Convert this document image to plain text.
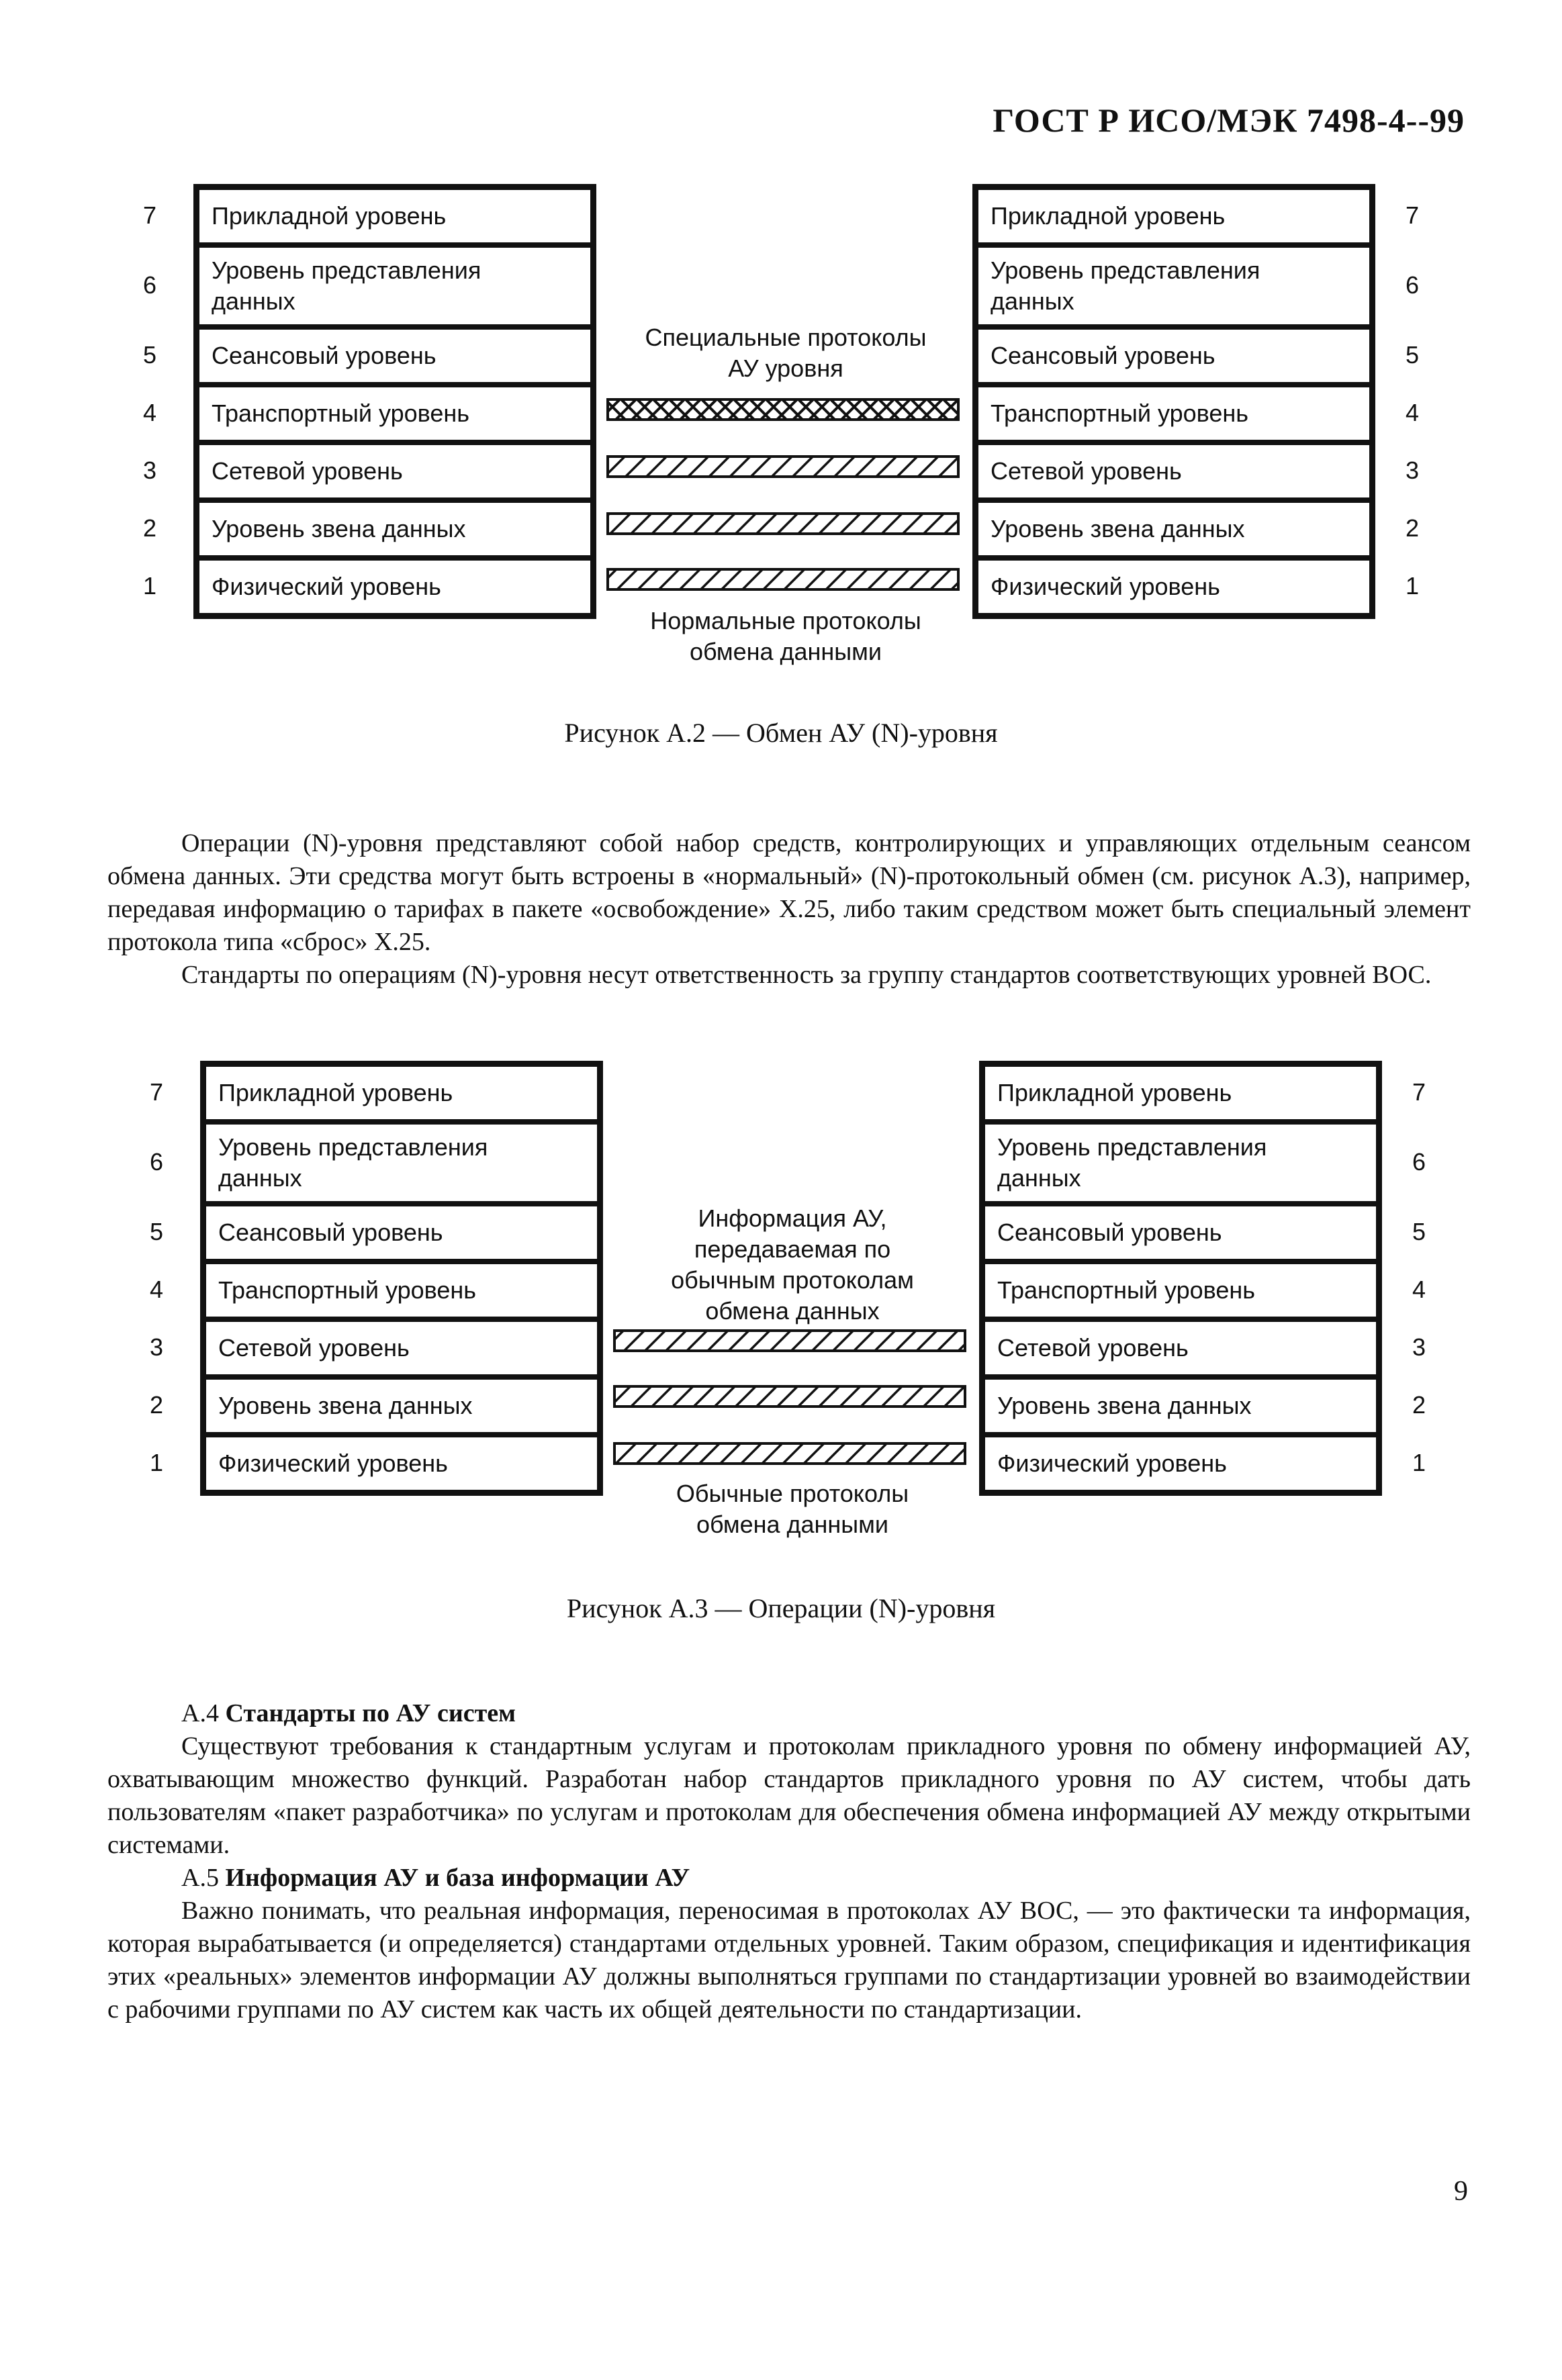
ГОСТ Р ИСО/МЭК 7498-4--99
Прикладной уровень
7
Уровень представления данных
6
Сеансовый уровень
5
Транспортный уровень
4
Сетевой уровень
3
Уровень звена данных
2
Физический уровень
1
Прикладной уровень	7
Уровень представления данных
6
Сеансовый уровень	5
Транспортный уровень	4
Сетевой уровень	3
Уровень звена данных	2
Физический уровень	1
Специальные протоколы АУ уровня
Нормальные протоколы обмена данными
Рисунок А.2 — Обмен АУ (N)-уровня

Операции (N)-уровня представляют собой набор средств, контролирующих и управляющих отдельным сеансом обмена данных. Эти средства могут быть встроены в «нормальный» (N)-протокольный обмен (см. рисунок А.3), например, передавая информацию о тарифах в пакете «освобождение» Х.25, либо таким средством может быть специальный элемент протокола типа «сброс» Х.25.

Стандарты по операциям (N)-уровня несут ответственность за группу стандартов соответствующих уровней ВОС.

Прикладной уровень
7
Уровень представления данных
6
Сеансовый уровень
5
Транспортный уровень
4
Сетевой уровень
3
Уровень звена данных
2
Физический уровень
1
Прикладной уровень	7
Уровень представления данных
6
Сеансовый уровень	5
Транспортный уровень	4
Сетевой уровень	3
Уровень звена данных	2
Физический уровень	1
Информация АУ, передаваемая по обычным протоколам обмена данных
Обычные протоколы обмена данными
Рисунок А.3 — Операции (N)-уровня

А.4 Стандарты по АУ систем

Существуют требования к стандартным услугам и протоколам прикладного уровня по обмену информацией АУ, охватывающим множество функций. Разработан набор стандартов прикладного уровня по АУ систем, чтобы дать пользователям «пакет разработчика» по услугам и протоколам для обеспечения обмена информацией АУ между открытыми системами.

А.5 Информация АУ и база информации АУ

Важно понимать, что реальная информация, переносимая в протоколах АУ ВОС, — это фактически та информация, которая вырабатывается (и определяется) стандартами отдельных уровней. Таким образом, спецификация и идентификация этих «реальных» элементов информации АУ должны выполняться группами по стандартизации уровней во взаимодействии с рабочими группами по АУ систем как часть их общей деятельности по стандартизации.

9
